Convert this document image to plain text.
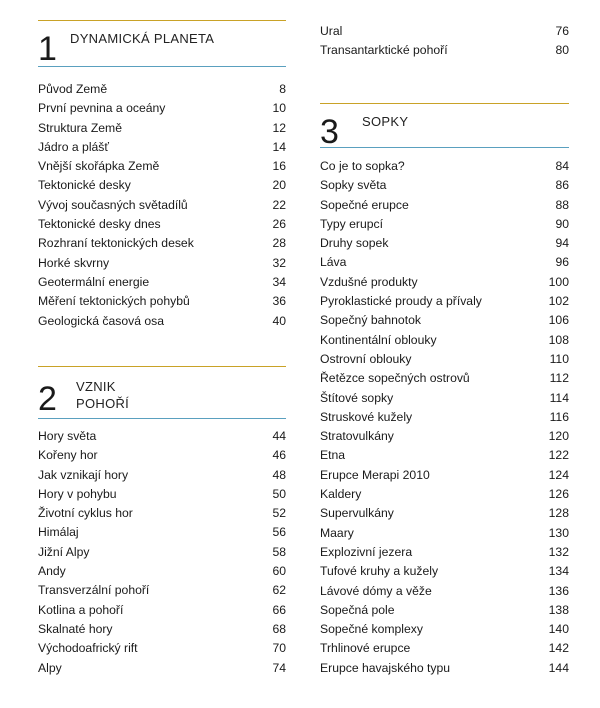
1 DYNAMICKÁ PLANETA
Původ Země	8
První pevnina a oceány	10
Struktura Země	12
Jádro a plášť	14
Vnější skořápka Země	16
Tektonické desky	20
Vývoj současných světadílů	22
Tektonické desky dnes	26
Rozhraní tektonických desek	28
Horké skvrny	32
Geotermální energie	34
Měření tektonických pohybů	36
Geologická časová osa	40
2 VZNIK
POHOŘÍ
Hory světa	44
Kořeny hor	46
Jak vznikají hory	48
Hory v pohybu	50
Životní cyklus hor	52
Himálaj	56
Jižní Alpy	58
Andy	60
Transverzální pohoří	62
Kotlina a pohoří	66
Skalnaté hory	68
Východoafrický rift	70
Alpy	74
Ural	76
Transantarktické pohoří	80
3 SOPKY
Co je to sopka?	84
Sopky světa	86
Sopečné erupce	88
Typy erupcí	90
Druhy sopek	94
Láva	96
Vzdušné produkty	100
Pyroklastické proudy a přívaly	102
Sopečný bahnotok	106
Kontinentální oblouky	108
Ostrovní oblouky	110
Řetězce sopečných ostrovů	112
Štítové sopky	114
Struskové kužely	116
Stratovulkány	120
Etna	122
Erupce Merapi 2010	124
Kaldery	126
Supervulkány	128
Maary	130
Explozivní jezera	132
Tufové kruhy a kužely	134
Lávové dómy a věže	136
Sopečná pole	138
Sopečné komplexy	140
Trhlinové erupce	142
Erupce havajského typu	144
